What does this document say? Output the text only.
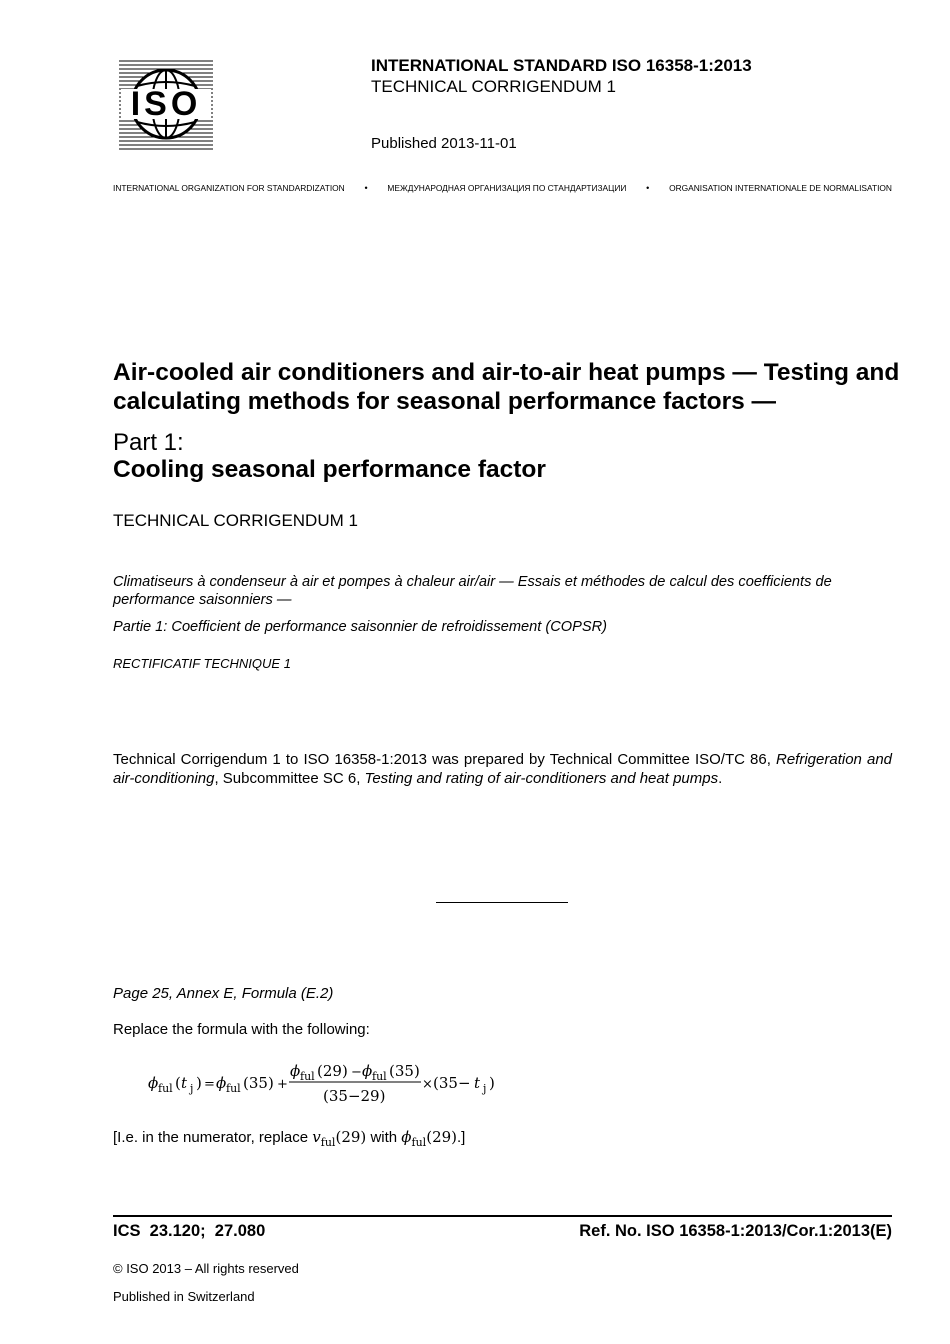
ISO
INTERNATIONAL STANDARD ISO 16358-1:2013
TECHNICAL CORRIGENDUM 1
Published 2013-11-01
INTERNATIONAL ORGANIZATION FOR STANDARDIZATION • МЕЖДУНАРОДНАЯ ОРГАНИЗАЦИЯ ПО СТАНДАРТИЗАЦИИ • ORGANISATION INTERNATIONALE DE NORMALISATION
Air-cooled air conditioners and air-to-air heat pumps — Testing and calculating methods for seasonal performance factors —
Part 1:
Cooling seasonal performance factor
TECHNICAL CORRIGENDUM 1
Climatiseurs à condenseur à air et pompes à chaleur air/air — Essais et méthodes de calcul des coefficients de performance saisonniers —
Partie 1: Coefficient de performance saisonnier de refroidissement (COPSR)
RECTIFICATIF TECHNIQUE 1
Technical Corrigendum 1 to ISO 16358-1:2013 was prepared by Technical Committee ISO/TC 86, Refrigeration and air-conditioning, Subcommittee SC 6, Testing and rating of air-conditioners and heat pumps.
Page 25, Annex E, Formula (E.2)
Replace the formula with the following:
ϕ ful ( t j ) = ϕ ful (35) +
ϕ ful (29) − ϕ ful (35)
(35−29)
× (35− t j )
[I.e. in the numerator, replace $v_{ful}(29)$ with $\phi_{ful}(29)$.]
ICS  23.120;  27.080	Ref. No. ISO 16358-1:2013/Cor.1:2013(E)
© ISO 2013 – All rights reserved
Published in Switzerland
